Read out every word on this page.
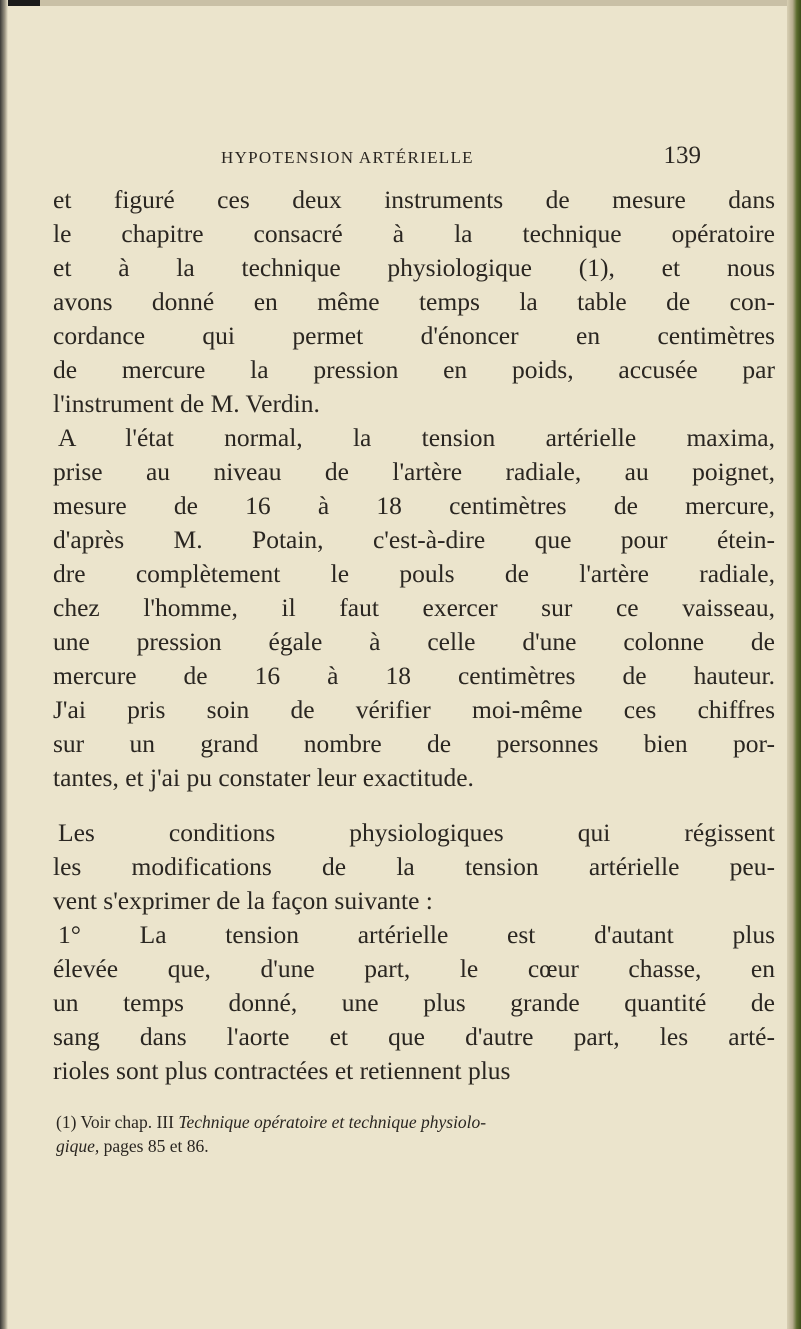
HYPOTENSION ARTÉRIELLE	139
et figuré ces deux instruments de mesure dans
le chapitre consacré à la technique opératoire
et à la technique physiologique (1), et nous
avons donné en même temps la table de con-
cordance qui permet d'énoncer en centimètres
de mercure la pression en poids, accusée par
l'instrument de M. Verdin.
A l'état normal, la tension artérielle maxima,
prise au niveau de l'artère radiale, au poignet,
mesure de 16 à 18 centimètres de mercure,
d'après M. Potain, c'est-à-dire que pour étein-
dre complètement le pouls de l'artère radiale,
chez l'homme, il faut exercer sur ce vaisseau,
une pression égale à celle d'une colonne de
mercure de 16 à 18 centimètres de hauteur.
J'ai pris soin de vérifier moi-même ces chiffres
sur un grand nombre de personnes bien por-
tantes, et j'ai pu constater leur exactitude.
Les conditions physiologiques qui régissent
les modifications de la tension artérielle peu-
vent s'exprimer de la façon suivante :
1° La tension artérielle est d'autant plus
élevée que, d'une part, le cœur chasse, en
un temps donné, une plus grande quantité de
sang dans l'aorte et que d'autre part, les arté-
rioles sont plus contractées et retiennent plus
(1) Voir chap. III Technique opératoire et technique physiolo-
gique, pages 85 et 86.
